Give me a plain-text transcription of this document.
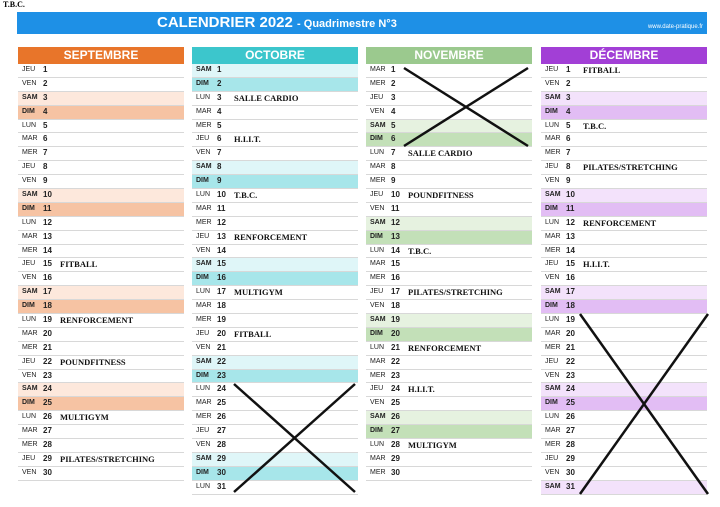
T.B.C.
CALENDRIER 2022 - Quadrimestre N°3	www.date-pratique.fr
SEPTEMBRE
JEU 1
VEN 2
SAM 3
DIM 4
LUN 5
MAR 6
MER 7
JEU 8
VEN 9
SAM 10
DIM 11
LUN 12
MAR 13
MER 14
JEU 15 FITBALL
VEN 16
SAM 17
DIM 18
LUN 19 RENFORCEMENT
MAR 20
MER 21
JEU 22 POUNDFITNESS
VEN 23
SAM 24
DIM 25
LUN 26 MULTIGYM
MAR 27
MER 28
JEU 29 PILATES/STRETCHING
VEN 30
OCTOBRE
SAM 1
DIM 2
LUN 3 SALLE CARDIO
MAR 4
MER 5
JEU 6 H.I.I.T.
VEN 7
SAM 8
DIM 9
LUN 10 T.B.C.
MAR 11
MER 12
JEU 13 RENFORCEMENT
VEN 14
SAM 15
DIM 16
LUN 17 MULTIGYM
MAR 18
MER 19
JEU 20 FITBALL
VEN 21
SAM 22
DIM 23
LUN 24
MAR 25
MER 26
JEU 27
VEN 28
SAM 29
DIM 30
LUN 31
NOVEMBRE
MAR 1
MER 2
JEU 3
VEN 4
SAM 5
DIM 6
LUN 7 SALLE CARDIO
MAR 8
MER 9
JEU 10 POUNDFITNESS
VEN 11
SAM 12
DIM 13
LUN 14 T.B.C.
MAR 15
MER 16
JEU 17 PILATES/STRETCHING
VEN 18
SAM 19
DIM 20
LUN 21 RENFORCEMENT
MAR 22
MER 23
JEU 24 H.I.I.T.
VEN 25
SAM 26
DIM 27
LUN 28 MULTIGYM
MAR 29
MER 30
DÉCEMBRE
JEU 1 FITBALL
VEN 2
SAM 3
DIM 4
LUN 5 T.B.C.
MAR 6
MER 7
JEU 8 PILATES/STRETCHING
VEN 9
SAM 10
DIM 11
LUN 12 RENFORCEMENT
MAR 13
MER 14
JEU 15 H.I.I.T.
VEN 16
SAM 17
DIM 18
LUN 19
MAR 20
MER 21
JEU 22
VEN 23
SAM 24
DIM 25
LUN 26
MAR 27
MER 28
JEU 29
VEN 30
SAM 31
